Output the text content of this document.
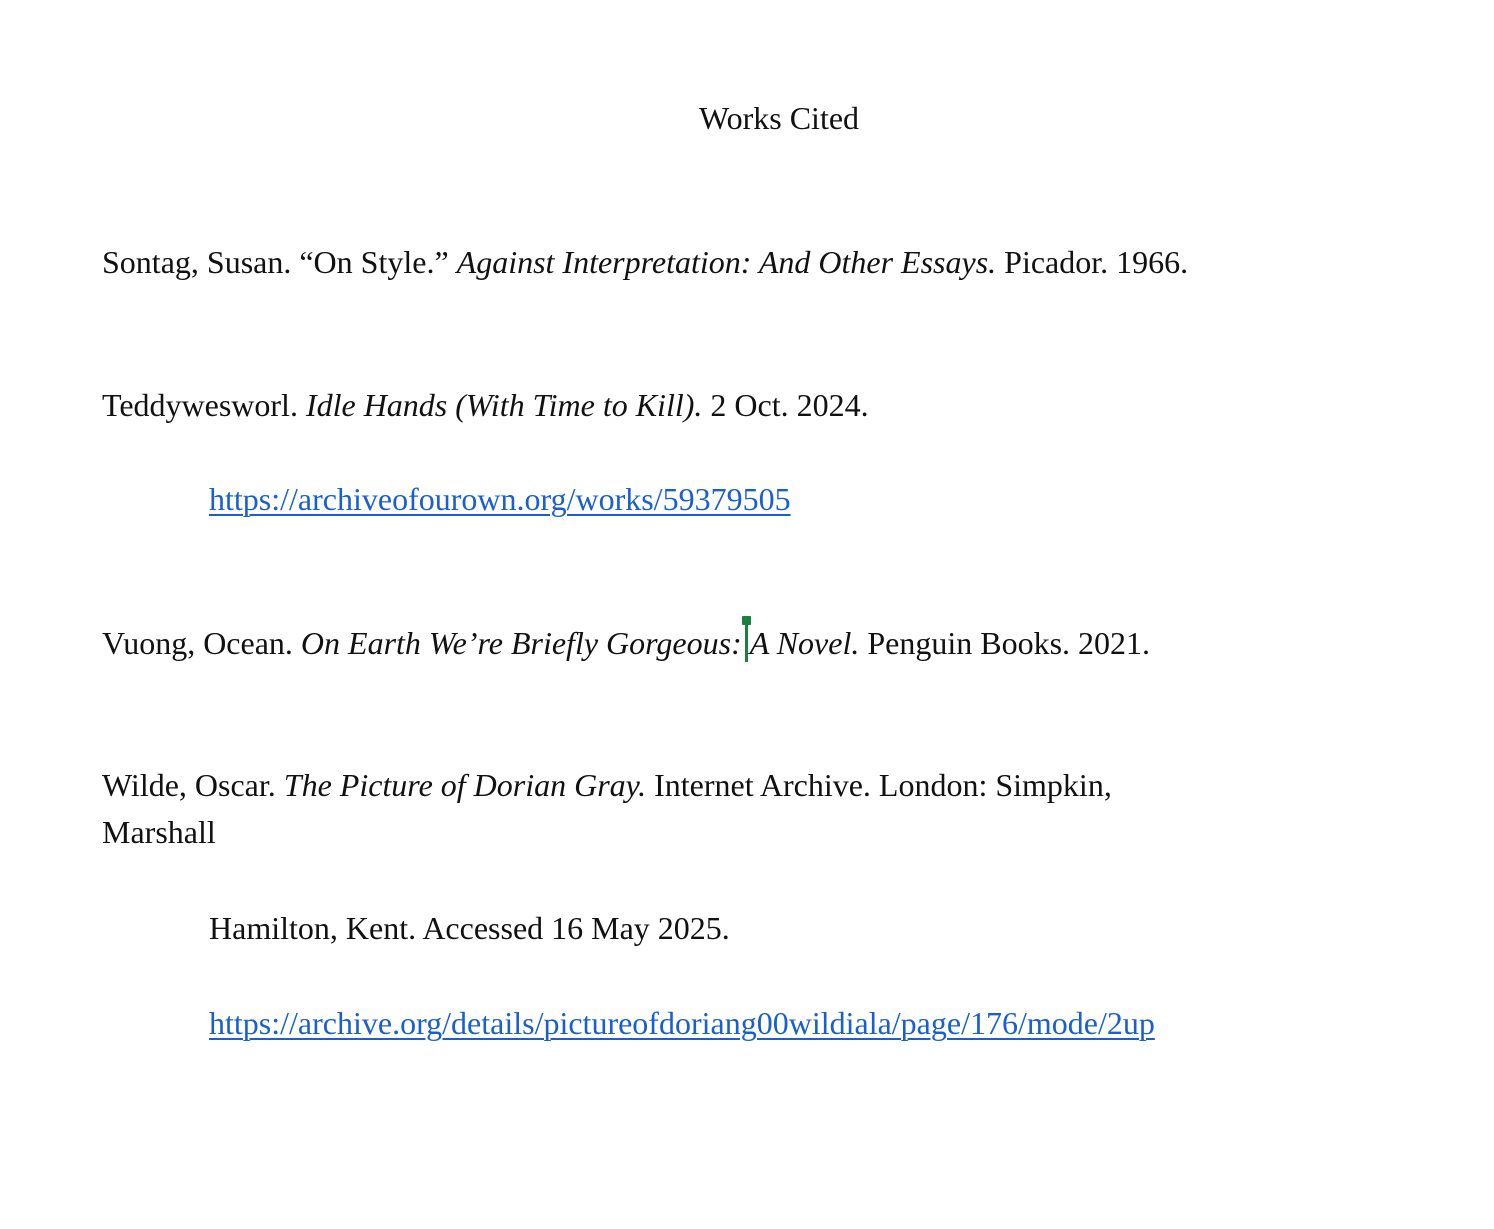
Works Cited
Sontag, Susan. “On Style.” Against Interpretation: And Other Essays. Picador. 1966.
Teddywesworl. Idle Hands (With Time to Kill). 2 Oct. 2024.
https://archiveofourown.org/works/59379505
Vuong, Ocean. On Earth We’re Briefly Gorgeous: A Novel. Penguin Books. 2021.
Wilde, Oscar. The Picture of Dorian Gray. Internet Archive. London: Simpkin,
Marshall
Hamilton, Kent. Accessed 16 May 2025.
https://archive.org/details/pictureofdoriang00wildiala/page/176/mode/2up
